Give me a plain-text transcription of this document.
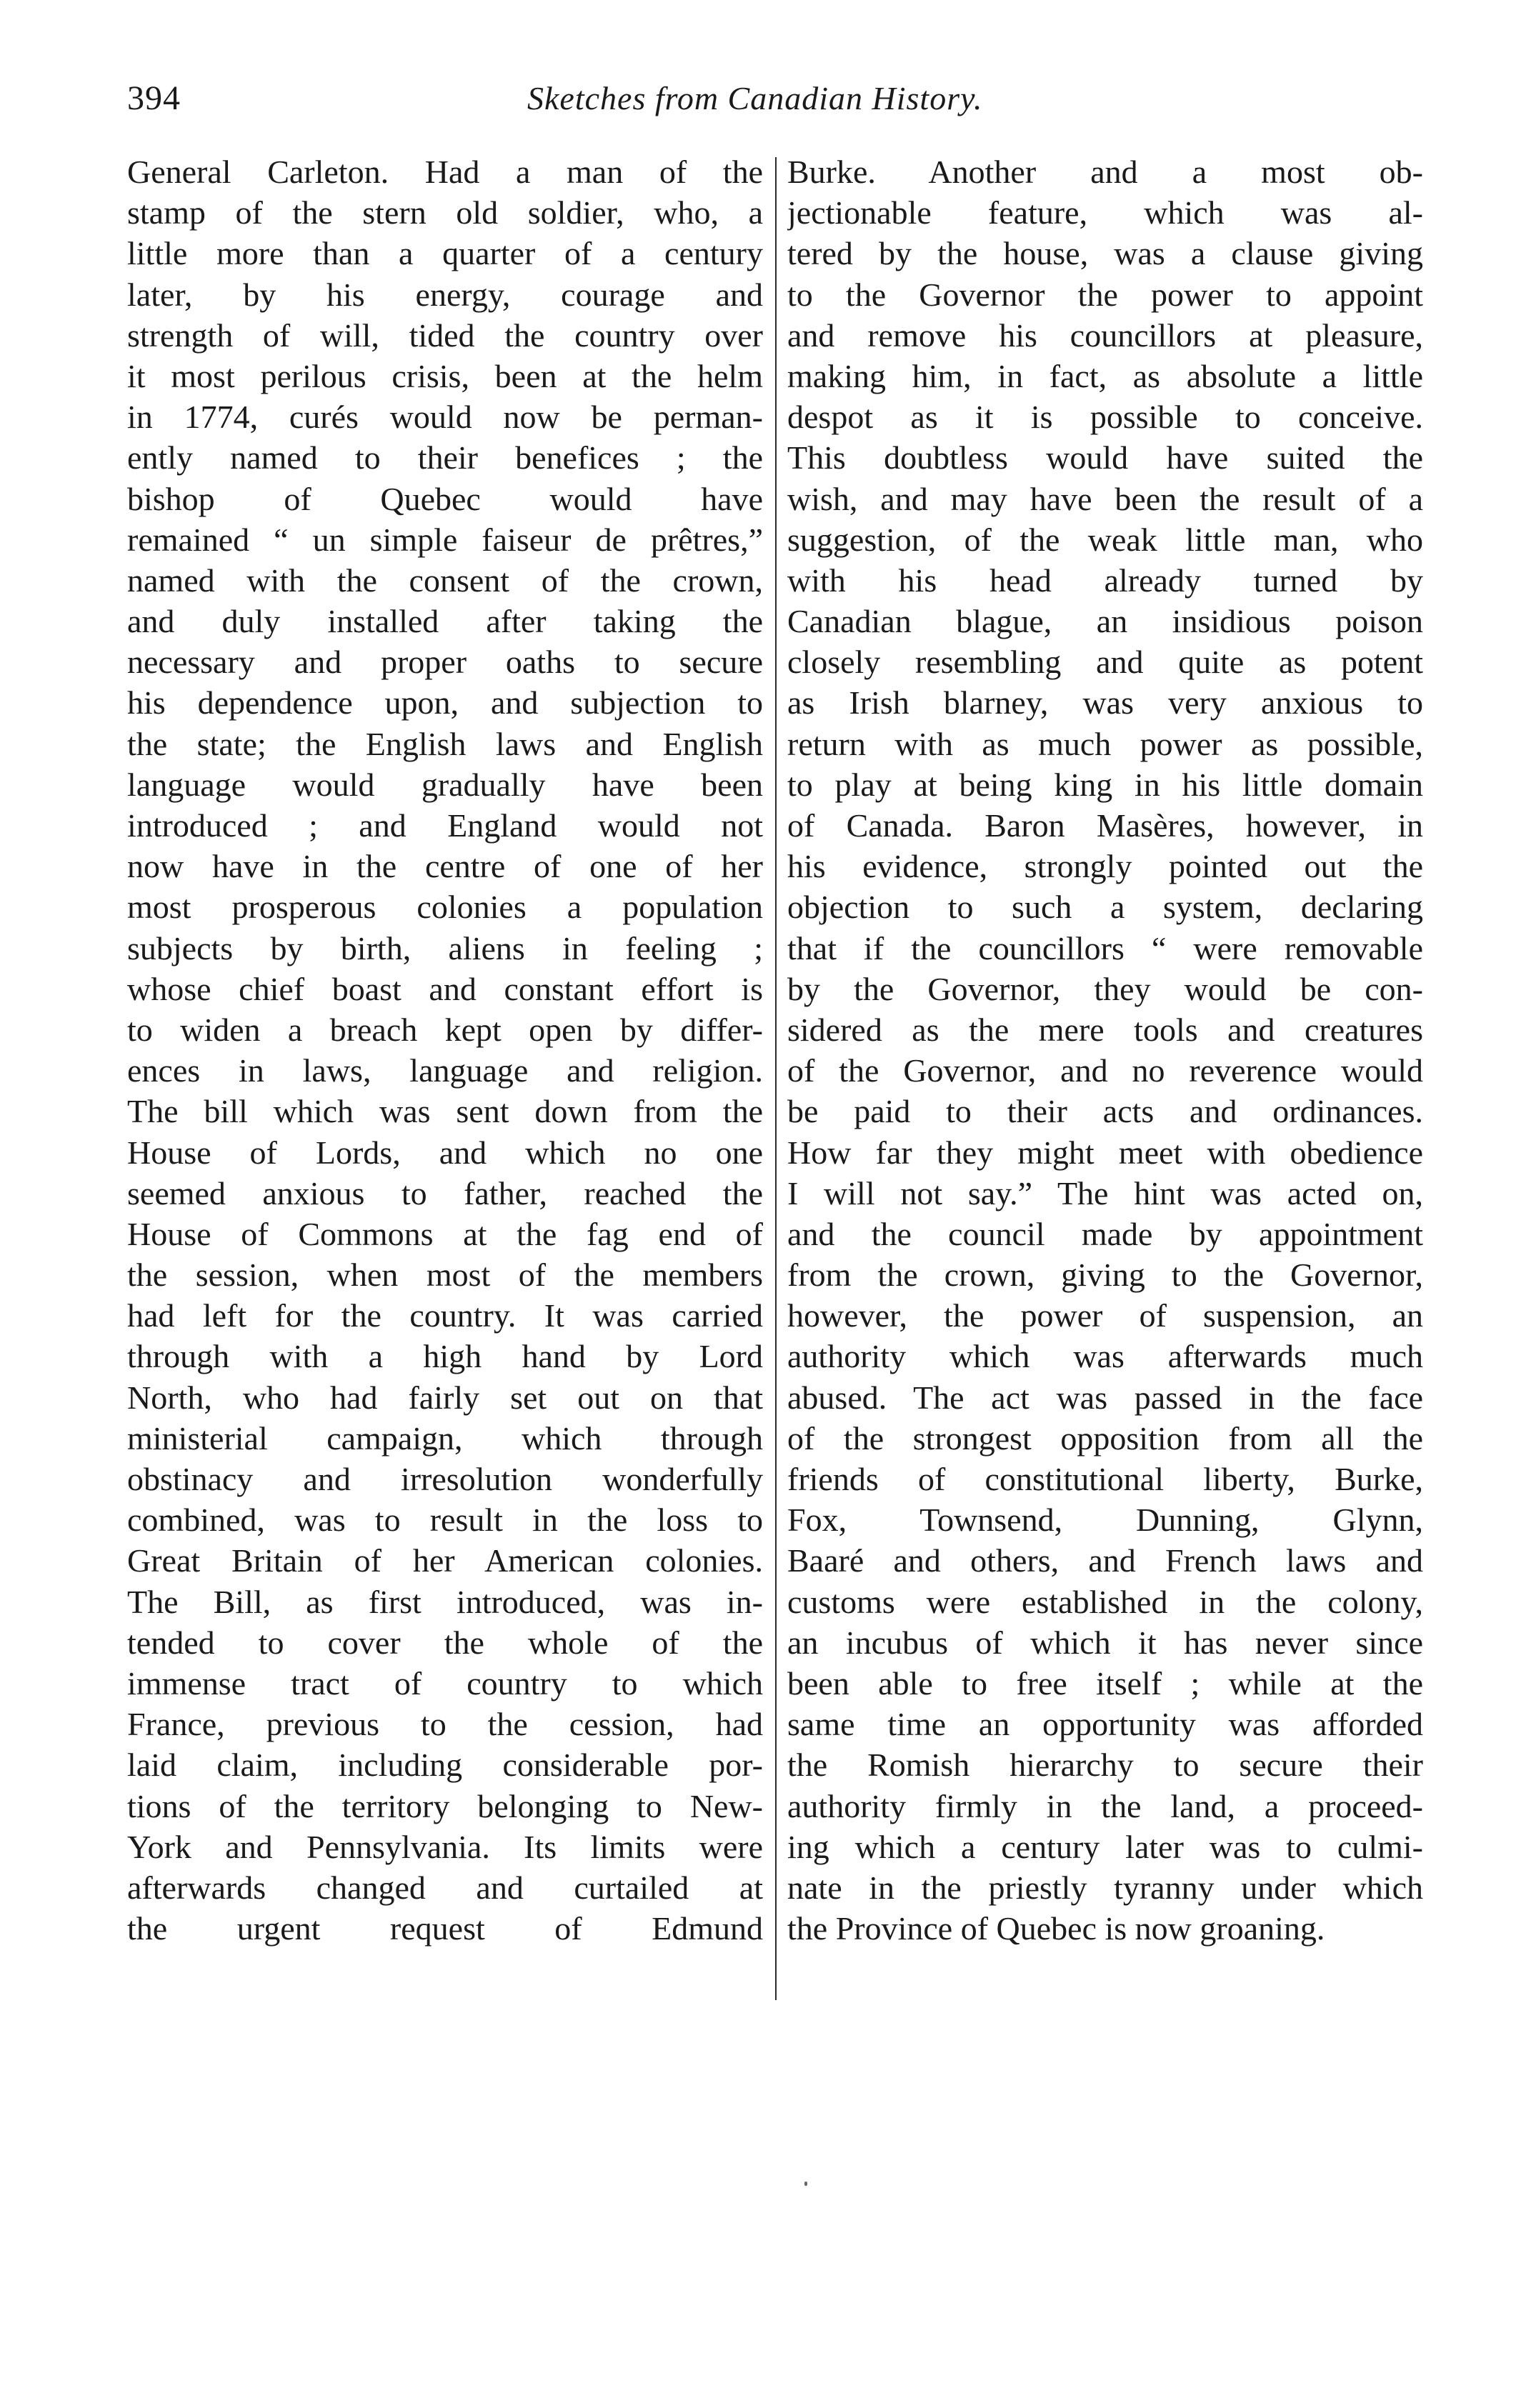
394	Sketches from Canadian History.
General Carleton. Had a man of the
stamp of the stern old soldier, who, a
little more than a quarter of a century
later, by his energy, courage and
strength of will, tided the country over
it most perilous crisis, been at the helm
in 1774, curés would now be perman-
ently named to their benefices ; the
bishop of Quebec would have
remained “ un simple faiseur de prêtres,”
named with the consent of the crown,
and duly installed after taking the
necessary and proper oaths to secure
his dependence upon, and subjection to
the state; the English laws and English
language would gradually have been
introduced ; and England would not
now have in the centre of one of her
most prosperous colonies a population
subjects by birth, aliens in feeling ;
whose chief boast and constant effort is
to widen a breach kept open by differ-
ences in laws, language and religion.
The bill which was sent down from the
House of Lords, and which no one
seemed anxious to father, reached the
House of Commons at the fag end of
the session, when most of the members
had left for the country. It was carried
through with a high hand by Lord
North, who had fairly set out on that
ministerial campaign, which through
obstinacy and irresolution wonderfully
combined, was to result in the loss to
Great Britain of her American colonies.
The Bill, as first introduced, was in-
tended to cover the whole of the
immense tract of country to which
France, previous to the cession, had
laid claim, including considerable por-
tions of the territory belonging to New-
York and Pennsylvania. Its limits were
afterwards changed and curtailed at
the urgent request of Edmund
Burke. Another and a most ob-
jectionable feature, which was al-
tered by the house, was a clause giving
to the Governor the power to appoint
and remove his councillors at pleasure,
making him, in fact, as absolute a little
despot as it is possible to conceive.
This doubtless would have suited the
wish, and may have been the result of a
suggestion, of the weak little man, who
with his head already turned by
Canadian blague, an insidious poison
closely resembling and quite as potent
as Irish blarney, was very anxious to
return with as much power as possible,
to play at being king in his little domain
of Canada. Baron Masères, however, in
his evidence, strongly pointed out the
objection to such a system, declaring
that if the councillors “ were removable
by the Governor, they would be con-
sidered as the mere tools and creatures
of the Governor, and no reverence would
be paid to their acts and ordinances.
How far they might meet with obedience
I will not say.” The hint was acted on,
and the council made by appointment
from the crown, giving to the Governor,
however, the power of suspension, an
authority which was afterwards much
abused. The act was passed in the face
of the strongest opposition from all the
friends of constitutional liberty, Burke,
Fox, Townsend, Dunning, Glynn,
Baaré and others, and French laws and
customs were established in the colony,
an incubus of which it has never since
been able to free itself ; while at the
same time an opportunity was afforded
the Romish hierarchy to secure their
authority firmly in the land, a proceed-
ing which a century later was to culmi-
nate in the priestly tyranny under which
the Province of Quebec is now groaning.
